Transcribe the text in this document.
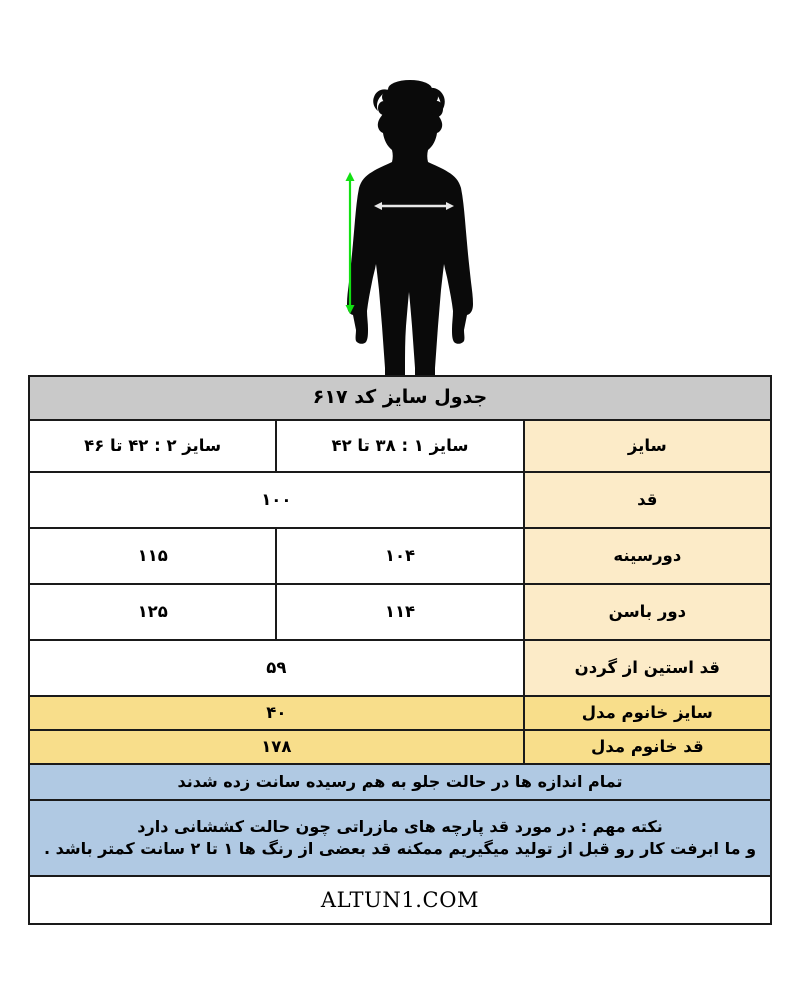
جدول سایز کد ۶۱۷		
سایز	سایز ۱ : ۳۸ تا ۴۲	سایز ۲ : ۴۲ تا ۴۶
قد	۱۰۰	
دورسینه	۱۰۴	۱۱۵
دور باسن	۱۱۴	۱۲۵
قد استین از گردن	۵۹	
سایز خانوم مدل	۴۰	
قد خانوم مدل	۱۷۸	
تمام اندازه ها در حالت جلو به هم رسیده سانت زده شدند		

نکته مهم : در مورد قد پارچه های مازراتی چون حالت کششانی دارد
و ما ابرفت کار رو قبل از تولید میگیریم ممکنه قد بعضی از رنگ ها ۱ تا ۲ سانت کمتر باشد .		

ALTUN1.COM		
